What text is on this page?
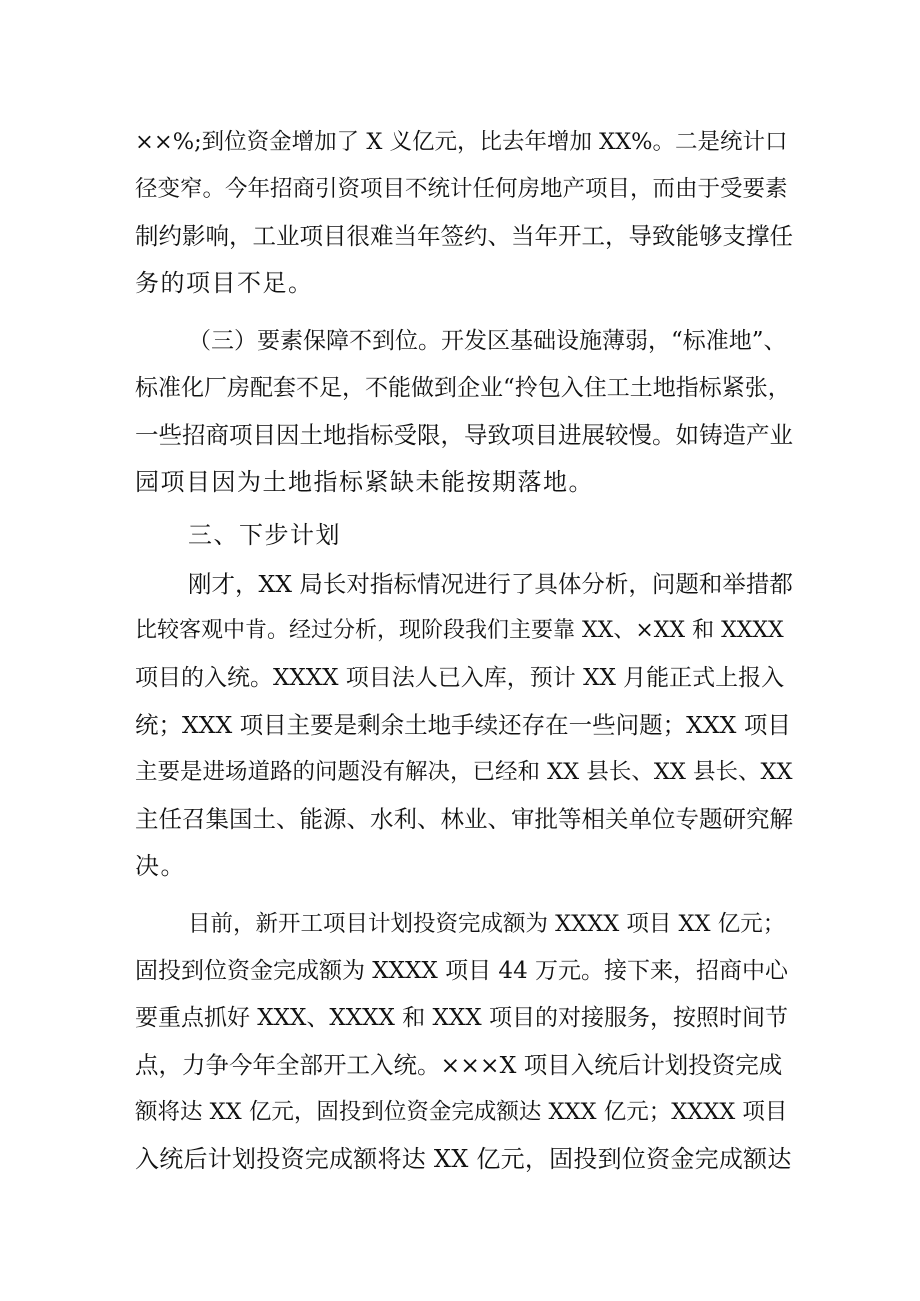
××%;到位资金增加了 X 义亿元，比去年增加 XX%。二是统计口
径变窄。今年招商引资项目不统计任何房地产项目，而由于受要素
制约影响，工业项目很难当年签约、当年开工，导致能够支撑任
务的项目不足。
（三）要素保障不到位。开发区基础设施薄弱，“标准地”、
标准化厂房配套不足，不能做到企业“拎包入住工土地指标紧张，
一些招商项目因土地指标受限，导致项目进展较慢。如铸造产业
园项目因为土地指标紧缺未能按期落地。
三、下步计划
刚才，XX 局长对指标情况进行了具体分析，问题和举措都
比较客观中肯。经过分析，现阶段我们主要靠 XX、×XX 和 XXXX
项目的入统。XXXX 项目法人已入库，预计 XX 月能正式上报入
统；XXX 项目主要是剩余土地手续还存在一些问题；XXX 项目
主要是进场道路的问题没有解决，已经和 XX 县长、XX 县长、XX
主任召集国土、能源、水利、林业、审批等相关单位专题研究解
决。
目前，新开工项目计划投资完成额为 XXXX 项目 XX 亿元；
固投到位资金完成额为 XXXX 项目 44 万元。接下来，招商中心
要重点抓好 XXX、XXXX 和 XXX 项目的对接服务，按照时间节
点，力争今年全部开工入统。×××X 项目入统后计划投资完成
额将达 XX 亿元，固投到位资金完成额达 XXX 亿元；XXXX 项目
入统后计划投资完成额将达 XX 亿元，固投到位资金完成额达
